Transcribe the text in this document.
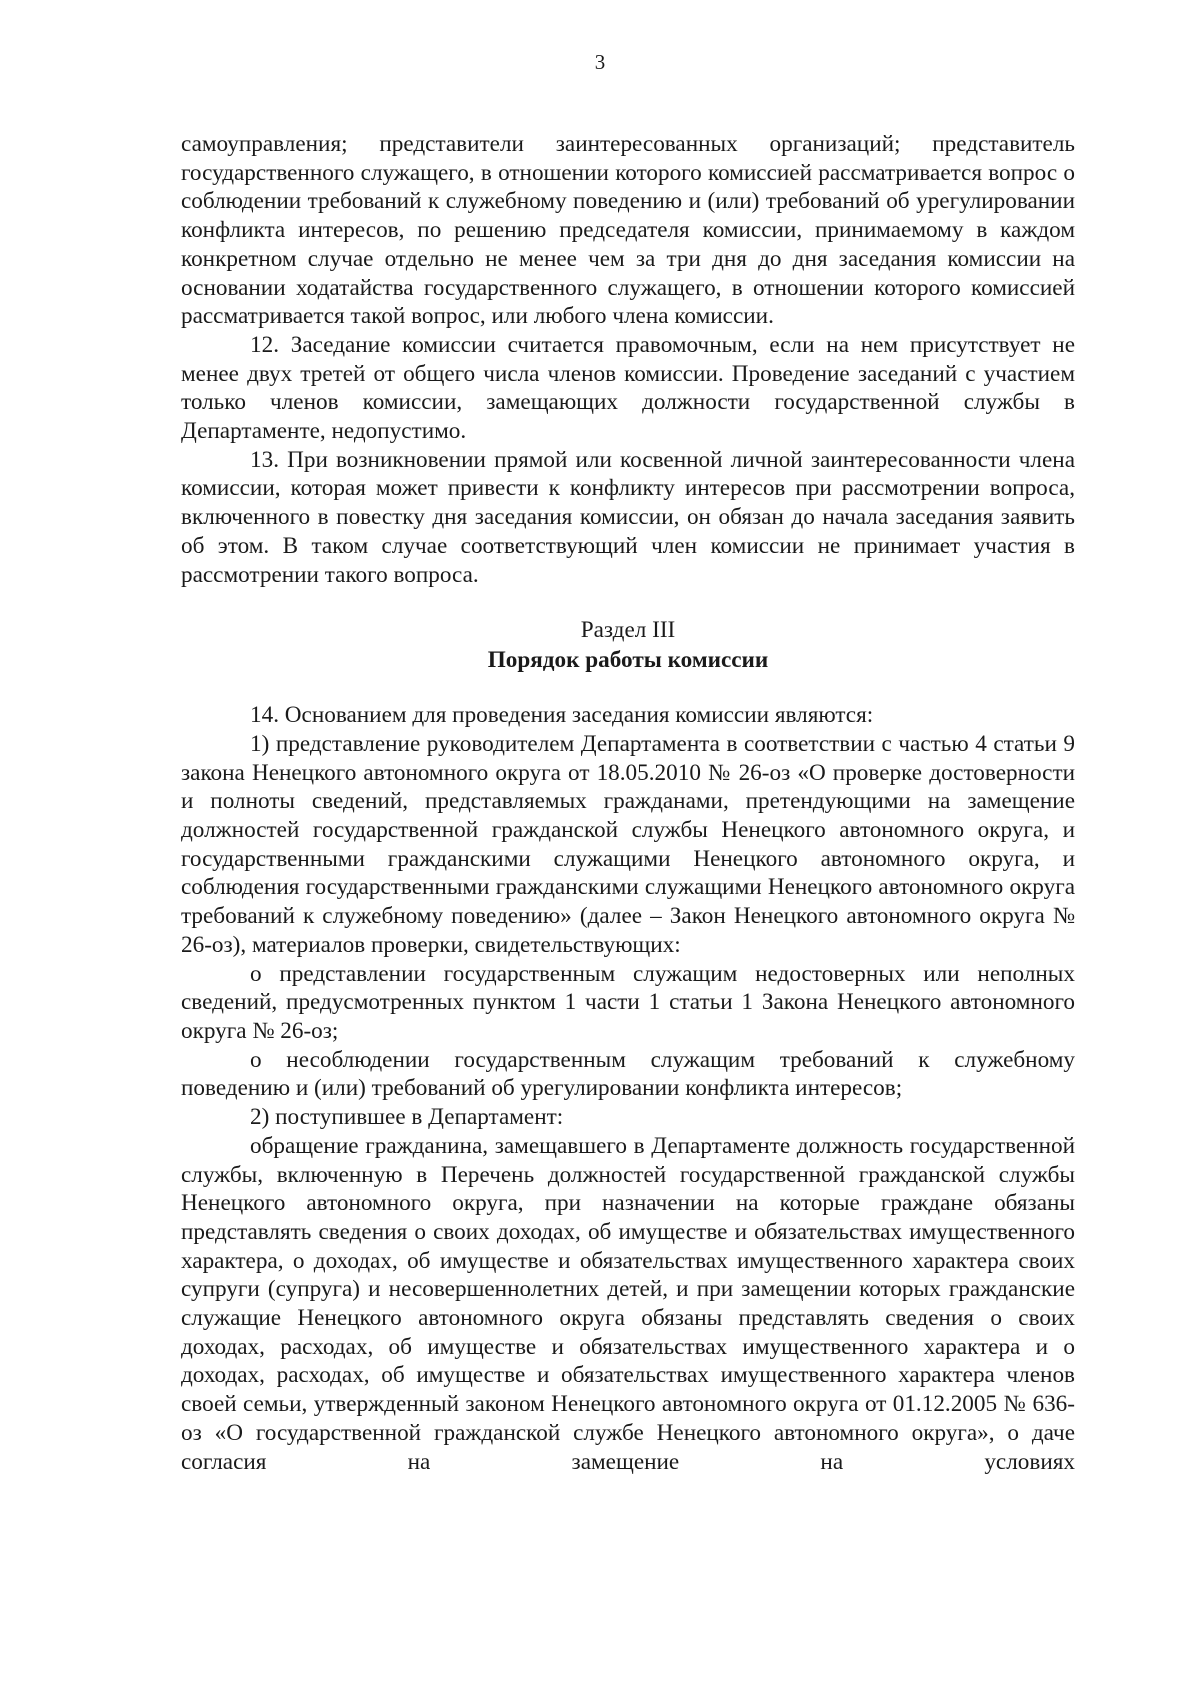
3

самоуправления; представители заинтересованных организаций; представитель государственного служащего, в отношении которого комиссией рассматривается вопрос о соблюдении требований к служебному поведению и (или) требований об урегулировании конфликта интересов, по решению председателя комиссии, принимаемому в каждом конкретном случае отдельно не менее чем за три дня до дня заседания комиссии на основании ходатайства государственного служащего, в отношении которого комиссией рассматривается такой вопрос, или любого члена комиссии.

12. Заседание комиссии считается правомочным, если на нем присутствует не менее двух третей от общего числа членов комиссии. Проведение заседаний с участием только членов комиссии, замещающих должности государственной службы в Департаменте, недопустимо.

13. При возникновении прямой или косвенной личной заинтересованности члена комиссии, которая может привести к конфликту интересов при рассмотрении вопроса, включенного в повестку дня заседания комиссии, он обязан до начала заседания заявить об этом. В таком случае соответствующий член комиссии не принимает участия в рассмотрении такого вопроса.

Раздел III
Порядок работы комиссии

14. Основанием для проведения заседания комиссии являются:

1) представление руководителем Департамента в соответствии с частью 4 статьи 9 закона Ненецкого автономного округа от 18.05.2010 № 26-оз «О проверке достоверности и полноты сведений, представляемых гражданами, претендующими на замещение должностей государственной гражданской службы Ненецкого автономного округа, и государственными гражданскими служащими Ненецкого автономного округа, и соблюдения государственными гражданскими служащими Ненецкого автономного округа требований к служебному поведению» (далее – Закон Ненецкого автономного округа № 26-оз), материалов проверки, свидетельствующих:

о представлении государственным служащим недостоверных или неполных сведений, предусмотренных пунктом 1 части 1 статьи 1 Закона Ненецкого автономного округа № 26-оз;

о несоблюдении государственным служащим требований к служебному поведению и (или) требований об урегулировании конфликта интересов;

2) поступившее в Департамент:

обращение гражданина, замещавшего в Департаменте должность государственной службы, включенную в Перечень должностей государственной гражданской службы Ненецкого автономного округа, при назначении на которые граждане обязаны представлять сведения о своих доходах, об имуществе и обязательствах имущественного характера, о доходах, об имуществе и обязательствах имущественного характера своих супруги (супруга) и несовершеннолетних детей, и при замещении которых гражданские служащие Ненецкого автономного округа обязаны представлять сведения о своих доходах, расходах, об имуществе и обязательствах имущественного характера и о доходах, расходах, об имуществе и обязательствах имущественного характера членов своей семьи, утвержденный законом Ненецкого автономного округа от 01.12.2005 № 636-оз «О государственной гражданской службе Ненецкого автономного округа», о даче согласия на замещение на условиях
